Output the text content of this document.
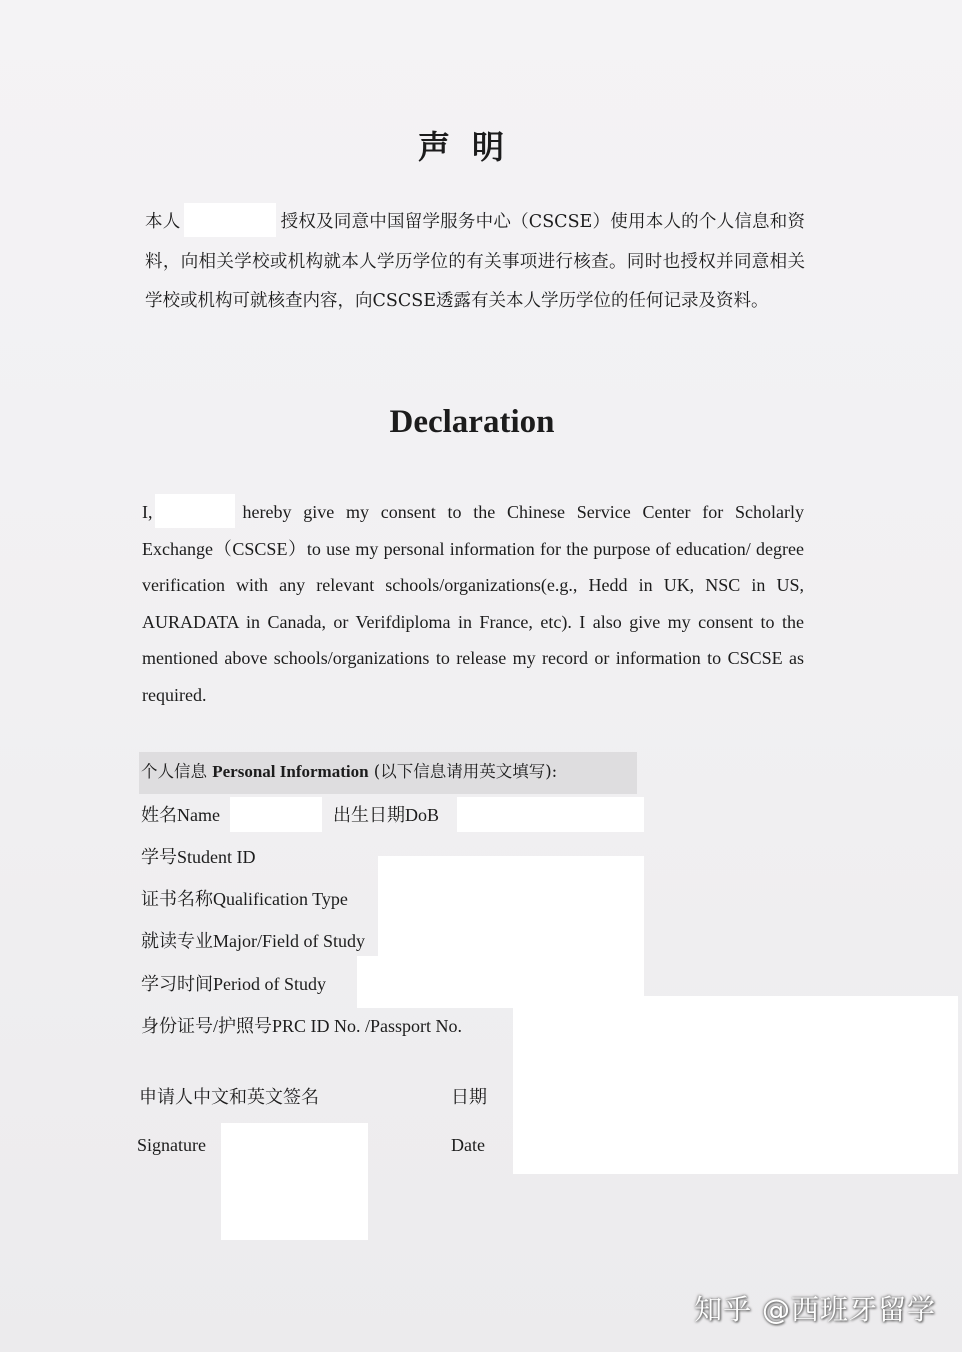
声明
本人	授权及同意中国留学服务中心（CSCSE）使用本人的个人信息和资料，向相关学校或机构就本人学历学位的有关事项进行核查。同时也授权并同意相关学校或机构可就核查内容，向CSCSE透露有关本人学历学位的任何记录及资料。
Declaration
I,	hereby give my consent to the Chinese Service Center for Scholarly Exchange（CSCSE）to use my personal information for the purpose of education/ degree verification with any relevant schools/organizations(e.g., Hedd in UK, NSC in US, AURADATA in Canada, or Verifdiploma in France, etc). I also give my consent to the mentioned above schools/organizations to release my record or information to CSCSE as required.
个人信息 Personal Information (以下信息请用英文填写):
姓名Name	出生日期DoB
学号Student ID
证书名称Qualification Type
就读专业Major/Field of Study
学习时间Period of Study
身份证号/护照号PRC ID No. /Passport No.
申请人中文和英文签名	日期
Signature	Date
知乎 @西班牙留学
